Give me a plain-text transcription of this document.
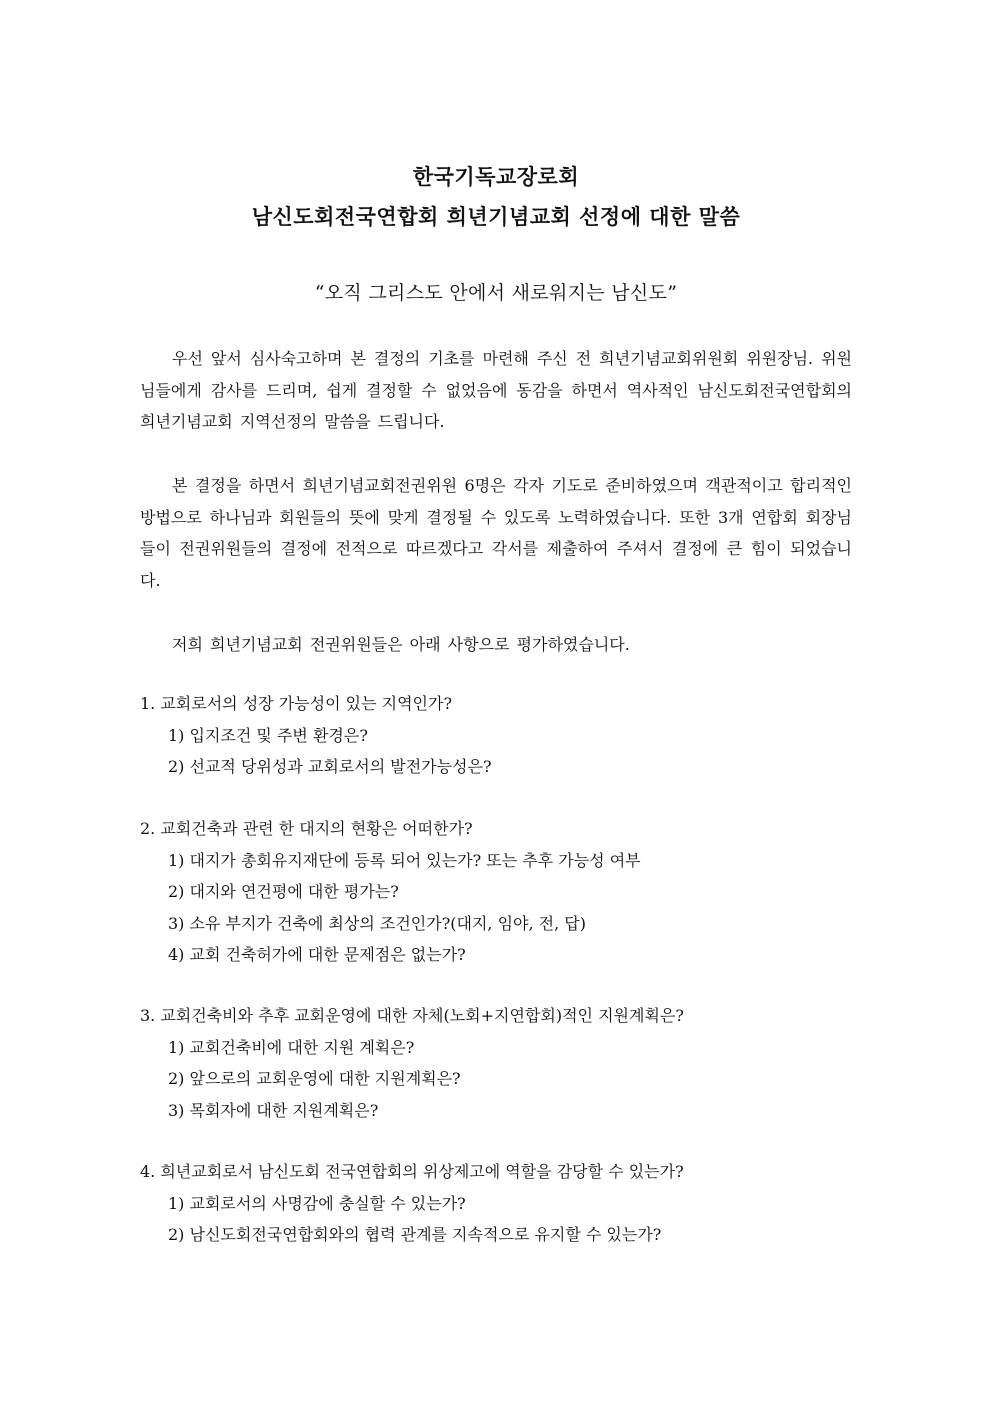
한국기독교장로회
남신도회전국연합회 희년기념교회 선정에 대한 말씀
“오직 그리스도 안에서 새로워지는 남신도”
우선 앞서 심사숙고하며 본 결정의 기초를 마련해 주신 전 희년기념교회위원회 위원장님. 위원님들에게 감사를 드리며, 쉽게 결정할 수 없었음에 동감을 하면서 역사적인 남신도회전국연합회의 희년기념교회 지역선정의 말씀을 드립니다.
본 결정을 하면서 희년기념교회전권위원 6명은 각자 기도로 준비하였으며 객관적이고 합리적인 방법으로 하나님과 회원들의 뜻에 맞게 결정될 수 있도록 노력하였습니다. 또한 3개 연합회 회장님들이 전권위원들의 결정에 전적으로 따르겠다고 각서를 제출하여 주셔서 결정에 큰 힘이 되었습니다.
저희 희년기념교회 전권위원들은 아래 사항으로 평가하였습니다.
1. 교회로서의 성장 가능성이 있는 지역인가?
1) 입지조건 및 주변 환경은?
2) 선교적 당위성과 교회로서의 발전가능성은?
2. 교회건축과 관련 한 대지의 현황은 어떠한가?
1) 대지가 총회유지재단에 등록 되어 있는가? 또는 추후 가능성 여부
2) 대지와 연건평에 대한 평가는?
3) 소유 부지가 건축에 최상의 조건인가?(대지, 임야, 전, 답)
4) 교회 건축허가에 대한 문제점은 없는가?
3. 교회건축비와 추후 교회운영에 대한 자체(노회+지연합회)적인 지원계획은?
1) 교회건축비에 대한 지원 계획은?
2) 앞으로의 교회운영에 대한 지원계획은?
3) 목회자에 대한 지원계획은?
4. 희년교회로서 남신도회 전국연합회의 위상제고에 역할을 감당할 수 있는가?
1) 교회로서의 사명감에 충실할 수 있는가?
2) 남신도회전국연합회와의 협력 관계를 지속적으로 유지할 수 있는가?
